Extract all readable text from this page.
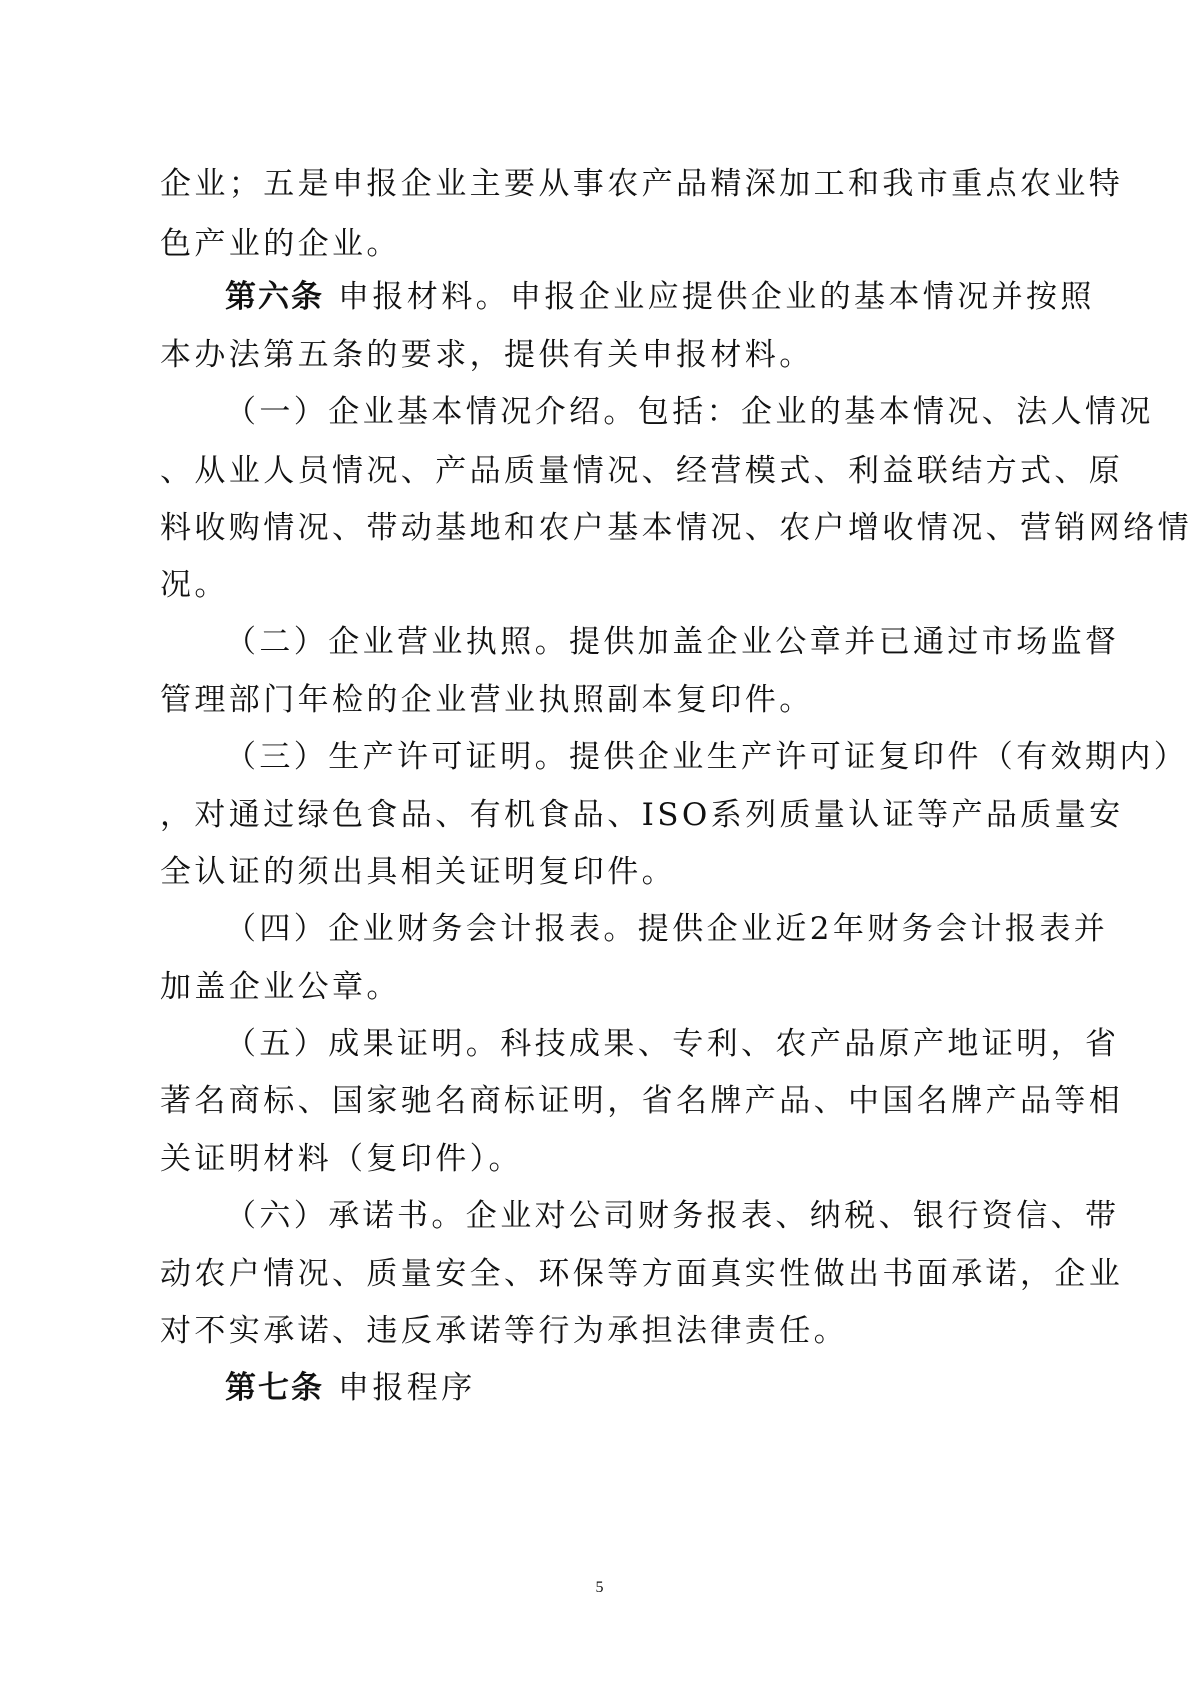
企业；五是申报企业主要从事农产品精深加工和我市重点农业特
色产业的企业。
第六条 申报材料。申报企业应提供企业的基本情况并按照
本办法第五条的要求，提供有关申报材料。
（一）企业基本情况介绍。包括：企业的基本情况、法人情况
、从业人员情况、产品质量情况、经营模式、利益联结方式、原
料收购情况、带动基地和农户基本情况、农户增收情况、营销网络情
况。
（二）企业营业执照。提供加盖企业公章并已通过市场监督
管理部门年检的企业营业执照副本复印件。
（三）生产许可证明。提供企业生产许可证复印件（有效期内）
，对通过绿色食品、有机食品、ISO系列质量认证等产品质量安
全认证的须出具相关证明复印件。
（四）企业财务会计报表。提供企业近2年财务会计报表并
加盖企业公章。
（五）成果证明。科技成果、专利、农产品原产地证明，省
著名商标、国家驰名商标证明，省名牌产品、中国名牌产品等相
关证明材料（复印件）。
（六）承诺书。企业对公司财务报表、纳税、银行资信、带
动农户情况、质量安全、环保等方面真实性做出书面承诺，企业
对不实承诺、违反承诺等行为承担法律责任。
第七条 申报程序
5
